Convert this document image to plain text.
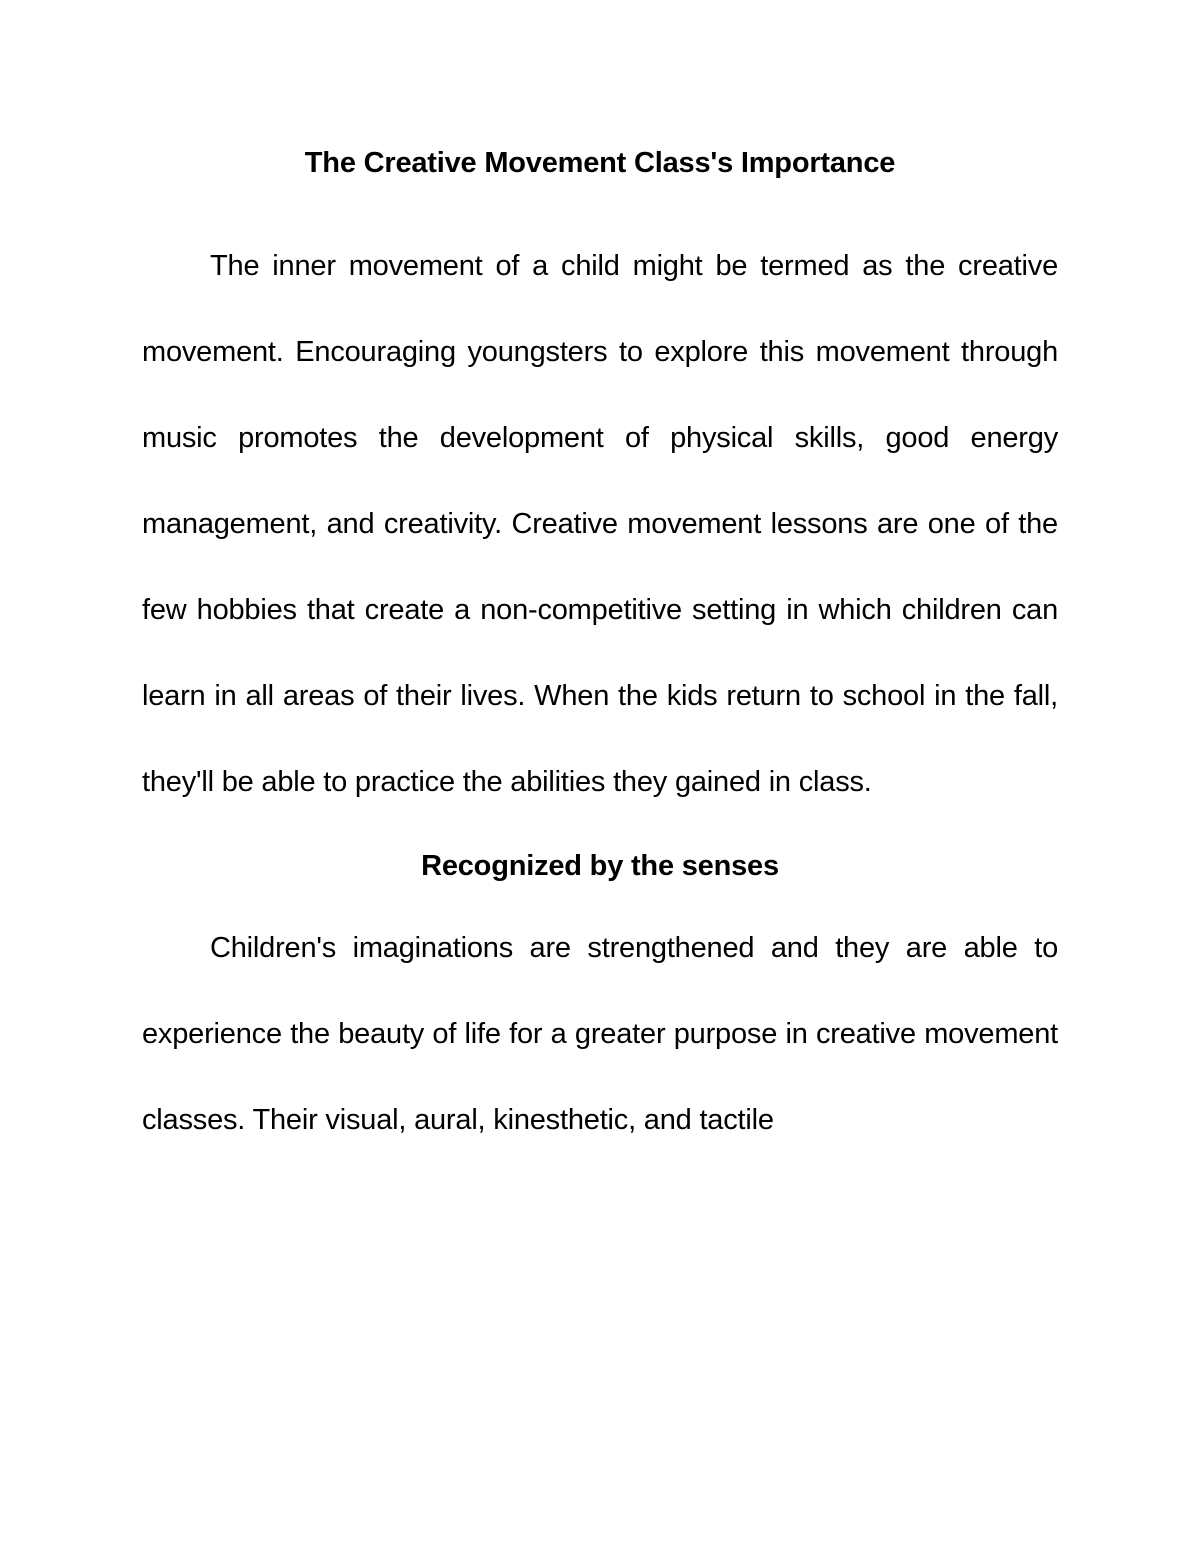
The Creative Movement Class's Importance

The inner movement of a child might be termed as the creative movement. Encouraging youngsters to explore this movement through music promotes the development of physical skills, good energy management, and creativity. Creative movement lessons are one of the few hobbies that create a non-competitive setting in which children can learn in all areas of their lives. When the kids return to school in the fall, they'll be able to practice the abilities they gained in class.

Recognized by the senses

Children's imaginations are strengthened and they are able to experience the beauty of life for a greater purpose in creative movement classes. Their visual, aural, kinesthetic, and tactile
